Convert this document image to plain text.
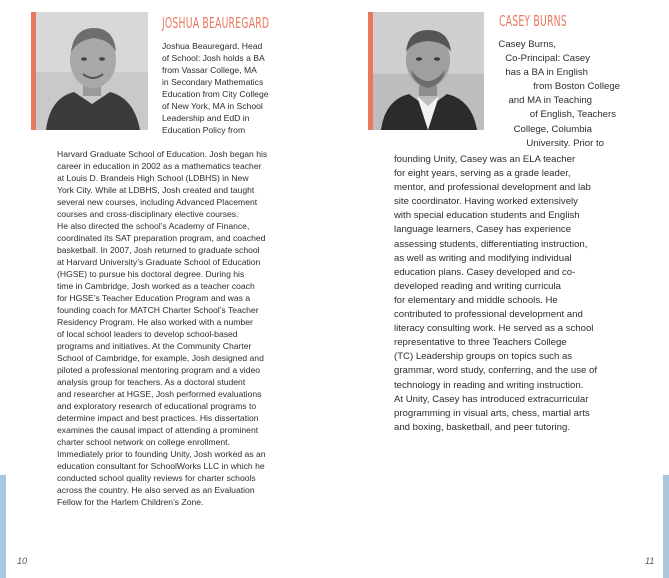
10	11
JOSHUA BEAUREGARD
Joshua Beauregard, Head
of School: Josh holds a BA
from Vassar College, MA
in Secondary Mathematics
Education from City College
of New York, MA in School
Leadership and EdD in
Education Policy from
Harvard Graduate School of Education. Josh began his
career in education in 2002 as a mathematics teacher
at Louis D. Brandeis High School (LDBHS) in New
York City. While at LDBHS, Josh created and taught
several new courses, including Advanced Placement
courses and cross-disciplinary elective courses.
He also directed the school’s Academy of Finance,
coordinated its SAT preparation program, and coached
basketball. In 2007, Josh returned to graduate school
at Harvard University’s Graduate School of Education
(HGSE) to pursue his doctoral degree. During his
time in Cambridge, Josh worked as a teacher coach
for HGSE’s Teacher Education Program and was a
founding coach for MATCH Charter School’s Teacher
Residency Program. He also worked with a number
of local school leaders to develop school-based
programs and initiatives. At the Community Charter
School of Cambridge, for example, Josh designed and
piloted a professional mentoring program and a video
analysis group for teachers. As a doctoral student
and researcher at HGSE, Josh performed evaluations
and exploratory research of educational programs to
determine impact and best practices. His dissertation
examines the causal impact of attending a prominent
charter school network on college enrollment.
Immediately prior to founding Unity, Josh worked as an
education consultant for SchoolWorks LLC in which he
conducted school quality reviews for charter schools
across the country. He also served as an Evaluation
Fellow for the Harlem Children’s Zone.
CASEY BURNS
Casey Burns,
Co-Principal: Casey
has a BA in English
from Boston College
and MA in Teaching
of English, Teachers
College, Columbia
University. Prior to
founding Unity, Casey was an ELA teacher
for eight years, serving as a grade leader,
mentor, and professional development and lab
site coordinator. Having worked extensively
with special education students and English
language learners, Casey has experience
assessing students, differentiating instruction,
as well as writing and modifying individual
education plans. Casey developed and co-
developed reading and writing curricula
for elementary and middle schools. He
contributed to professional development and
literacy consulting work. He served as a school
representative to three Teachers College
(TC) Leadership groups on topics such as
grammar, word study, conferring, and the use of
technology in reading and writing instruction.
At Unity, Casey has introduced extracurricular
programming in visual arts, chess, martial arts
and boxing, basketball, and peer tutoring.
